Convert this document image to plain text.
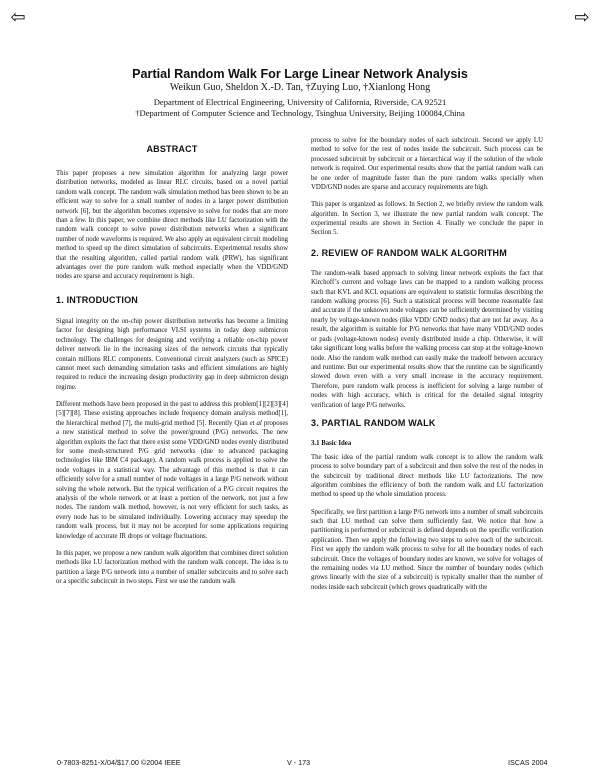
⇦	⇨
Partial Random Walk For Large Linear Network Analysis
Weikun Guo, Sheldon X.-D. Tan, †Zuying Luo, †Xianlong Hong
Department of Electrical Engineering, University of California, Riverside, CA 92521
†Department of Computer Science and Technology, Tsinghua University, Beijing 100084,China
ABSTRACT

This paper proposes a new simulation algorithm for analyzing large power distribution networks, modeled as linear RLC circuits, based on a novel partial random walk concept. The random walk simulation method has been shown to be an efficient way to solve for a small number of nodes in a larger power distribution network [6], but the algorithm becomes expensive to solve for nodes that are more than a few. In this paper, we combine direct methods like LU factorization with the random walk concept to solve power distribution networks when a significant number of node waveforms is required. We also apply an equivalent circuit modeling method to speed up the direct simulation of subcircuits. Experimental results show that the resulting algorithm, called partial random walk (PRW), has significant advantages over the pure random walk method especially when the VDD/GND nodes are sparse and accuracy requirement is high.

1. INTRODUCTION

Signal integrity on the on-chip power distribution networks has become a limiting factor for designing high performance VLSI systems in today deep submicron technology. The challenges for designing and verifying a reliable on-chip power deliver network lie in the increasing sizes of the network circuits that typically contain millions RLC components. Conventional circuit analyzers (such as SPICE) cannot meet such demanding simulation tasks and efficient simulations are highly required to reduce the increasing design productivity gap in deep submicron design regime.

Different methods have been proposed in the past to address this problem[1][2][3][4][5][7][8]. These existing approaches include frequency domain analysis method[1], the hierarchical method [7], the multi-grid method [5]. Recently Qian et al proposes a new statistical method to solve the power/ground (P/G) networks. The new algorithm exploits the fact that there exist some VDD/GND nodes evenly distributed for some mesh-structured P/G grid networks (due to advanced packaging technologies like IBM C4 package). A random walk process is applied to solve the node voltages in a statistical way. The advantage of this method is that it can efficiently solve for a small number of node voltages in a large P/G network without solving the whole network. But the typical verification of a P/G circuit requires the analysis of the whole network or at least a portion of the network, not just a few nodes. The random walk method, however, is not very efficient for such tasks, as every node has to be simulated individually. Lowering accuracy may speedup the random walk process, but it may not be accepted for some applications requiring knowledge of accurate IR drops or voltage fluctuations.

In this paper, we propose a new random walk algorithm that combines direct solution methods like LU factorization method with the random walk concept. The idea is to partition a large P/G network into a number of smaller subcircuits and to solve each or a specific subcircuit in two steps. First we use the random walk

process to solve for the boundary nodes of each subcircuit. Second we apply LU method to solve for the rest of nodes inside the subcircuit. Such process can be processed subcircuit by subcircuit or a hierarchical way if the solution of the whole network is required. Our experimental results show that the partial random walk can be one order of magnitude faster than the pure random walks specially when VDD/GND nodes are sparse and accuracy requirements are high.

This paper is organized as follows. In Section 2, we briefly review the random walk algorithm. In Section 3, we illustrate the new partial random walk concept. The experimental results are shown in Section 4. Finally we conclude the paper in Section 5.

2. REVIEW OF RANDOM WALK ALGORITHM

The random-walk based approach to solving linear network exploits the fact that Kirchoff’s current and voltage laws can be mapped to a random walking process such that KVL and KCL equations are equivalent to statistic formulas describing the random walking process [6]. Such a statistical process will become reasonable fast and accurate if the unknown node voltages can be sufficiently determined by visiting nearly by voltage-known nodes (like VDD/ GND nodes) that are not far away. As a result, the algorithm is suitable for P/G networks that have many VDD/GND nodes or pads (voltage-known nodes) evenly distributed inside a chip. Otherwise, it will take significant long walks before the walking process can stop at the voltage-known node. Also the random walk method can easily make the tradeoff between accuracy and runtime. But our experimental results show that the runtime can be significantly slowed down even with a very small increase in the accuracy requirement. Therefore, pure random walk process is inefficient for solving a large number of nodes with high accuracy, which is critical for the detailed signal integrity verification of large P/G networks.

3. PARTIAL RANDOM WALK
3.1 Basic Idea

The basic idea of the partial random walk concept is to allow the random walk process to solve boundary part of a subcircuit and then solve the rest of the nodes in the subcircuit by traditional direct methods like LU factorizations. The new algorithm combines the efficiency of both the random walk and LU factorization method to speed up the whole simulation process.

Specifically, we first partition a large P/G network into a number of small subcircuits such that LU method can solve them sufficiently fast. We notice that how a partitioning is performed or subcircuit is defined depends on the specific verification application. Then we apply the following two steps to solve each of the subcircuit. First we apply the random walk process to solve for all the boundary nodes of each subcircuit. Once the voltages of boundary nodes are known, we solve for voltages of the remaining nodes via LU method. Since the number of boundary nodes (which grows linearly with the size of a subcircuit) is typically smaller than the number of nodes inside each subcircuit (which grows quadratically with the

0-7803-8251-X/04/$17.00 ©2004 IEEE	V - 173	ISCAS 2004
